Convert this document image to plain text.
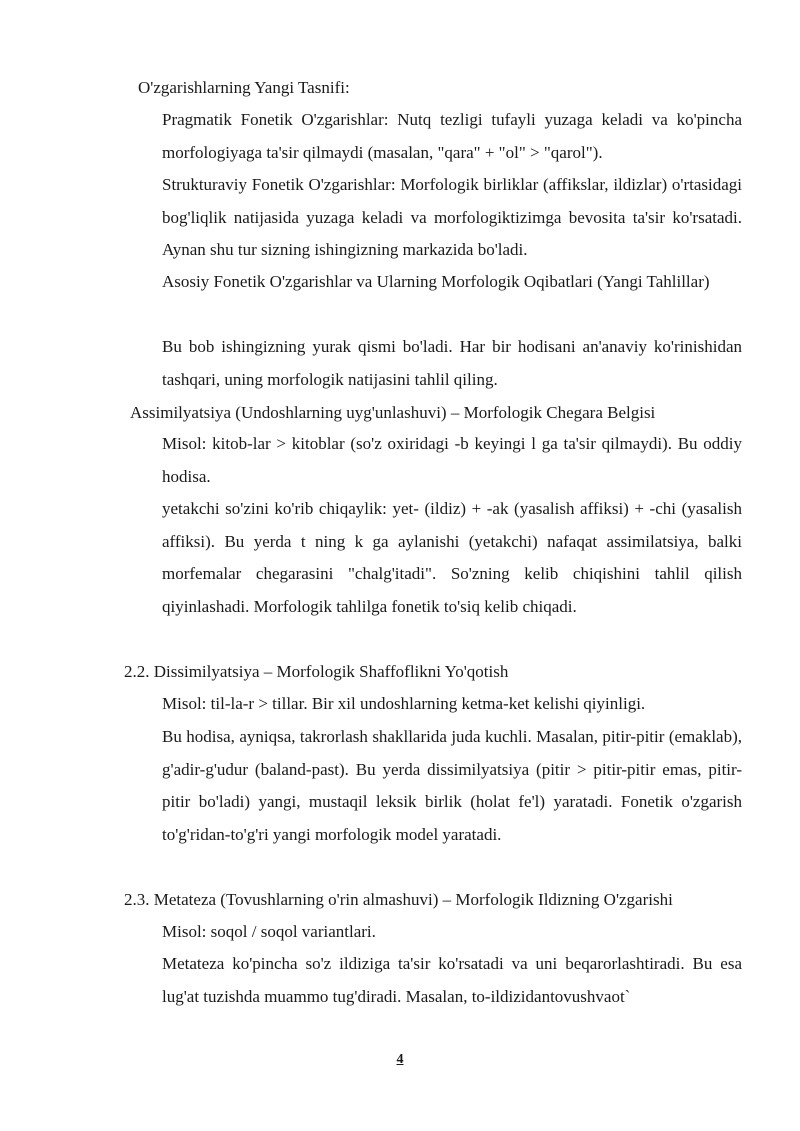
O'zgarishlarning Yangi Tasnifi:
Pragmatik Fonetik O'zgarishlar: Nutq tezligi tufayli yuzaga keladi va ko'pincha morfologiyaga ta'sir qilmaydi (masalan, "qara" + "ol" > "qarol").
Strukturaviy Fonetik O'zgarishlar: Morfologik birliklar (affikslar, ildizlar) o'rtasidagi bog'liqlik natijasida yuzaga keladi va morfologiktizimga bevosita ta'sir ko'rsatadi. Aynan shu tur sizning ishingizning markazida bo'ladi.
Asosiy Fonetik O'zgarishlar va Ularning Morfologik Oqibatlari (Yangi Tahlillar)
Bu bob ishingizning yurak qismi bo'ladi. Har bir hodisani an'anaviy ko'rinishidan tashqari, uning morfologik natijasini tahlil qiling.
Assimilyatsiya (Undoshlarning uyg'unlashuvi) – Morfologik Chegara Belgisi
Misol: kitob-lar > kitoblar (so'z oxiridagi -b keyingi l ga ta'sir qilmaydi). Bu oddiy hodisa.
yetakchi so'zini ko'rib chiqaylik: yet- (ildiz) + -ak (yasalish affiksi) + -chi (yasalish affiksi). Bu yerda t ning k ga aylanishi (yetakchi) nafaqat assimilatsiya, balki morfemalar chegarasini "chalg'itadi". So'zning kelib chiqishini tahlil qilish qiyinlashadi. Morfologik tahlilga fonetik to'siq kelib chiqadi.
2.2. Dissimilyatsiya – Morfologik Shaffoflikni Yo'qotish
Misol: til-la-r > tillar. Bir xil undoshlarning ketma-ket kelishi qiyinligi.
Bu hodisa, ayniqsa, takrorlash shakllarida juda kuchli. Masalan, pitir-pitir (emaklab), g'adir-g'udur (baland-past). Bu yerda dissimilyatsiya (pitir > pitir-pitir emas, pitir-pitir bo'ladi) yangi, mustaqil leksik birlik (holat fe'l) yaratadi. Fonetik o'zgarish to'g'ridan-to'g'ri yangi morfologik model yaratadi.
2.3. Metateza (Tovushlarning o'rin almashuvi) – Morfologik Ildizning O'zgarishi
Misol: soqol / soqol variantlari.
Metateza ko'pincha so'z ildiziga ta'sir ko'rsatadi va uni beqarorlashtiradi. Bu esa lug'at tuzishda muammo tug'diradi. Masalan, to-ildizidantovushvaot`
4
